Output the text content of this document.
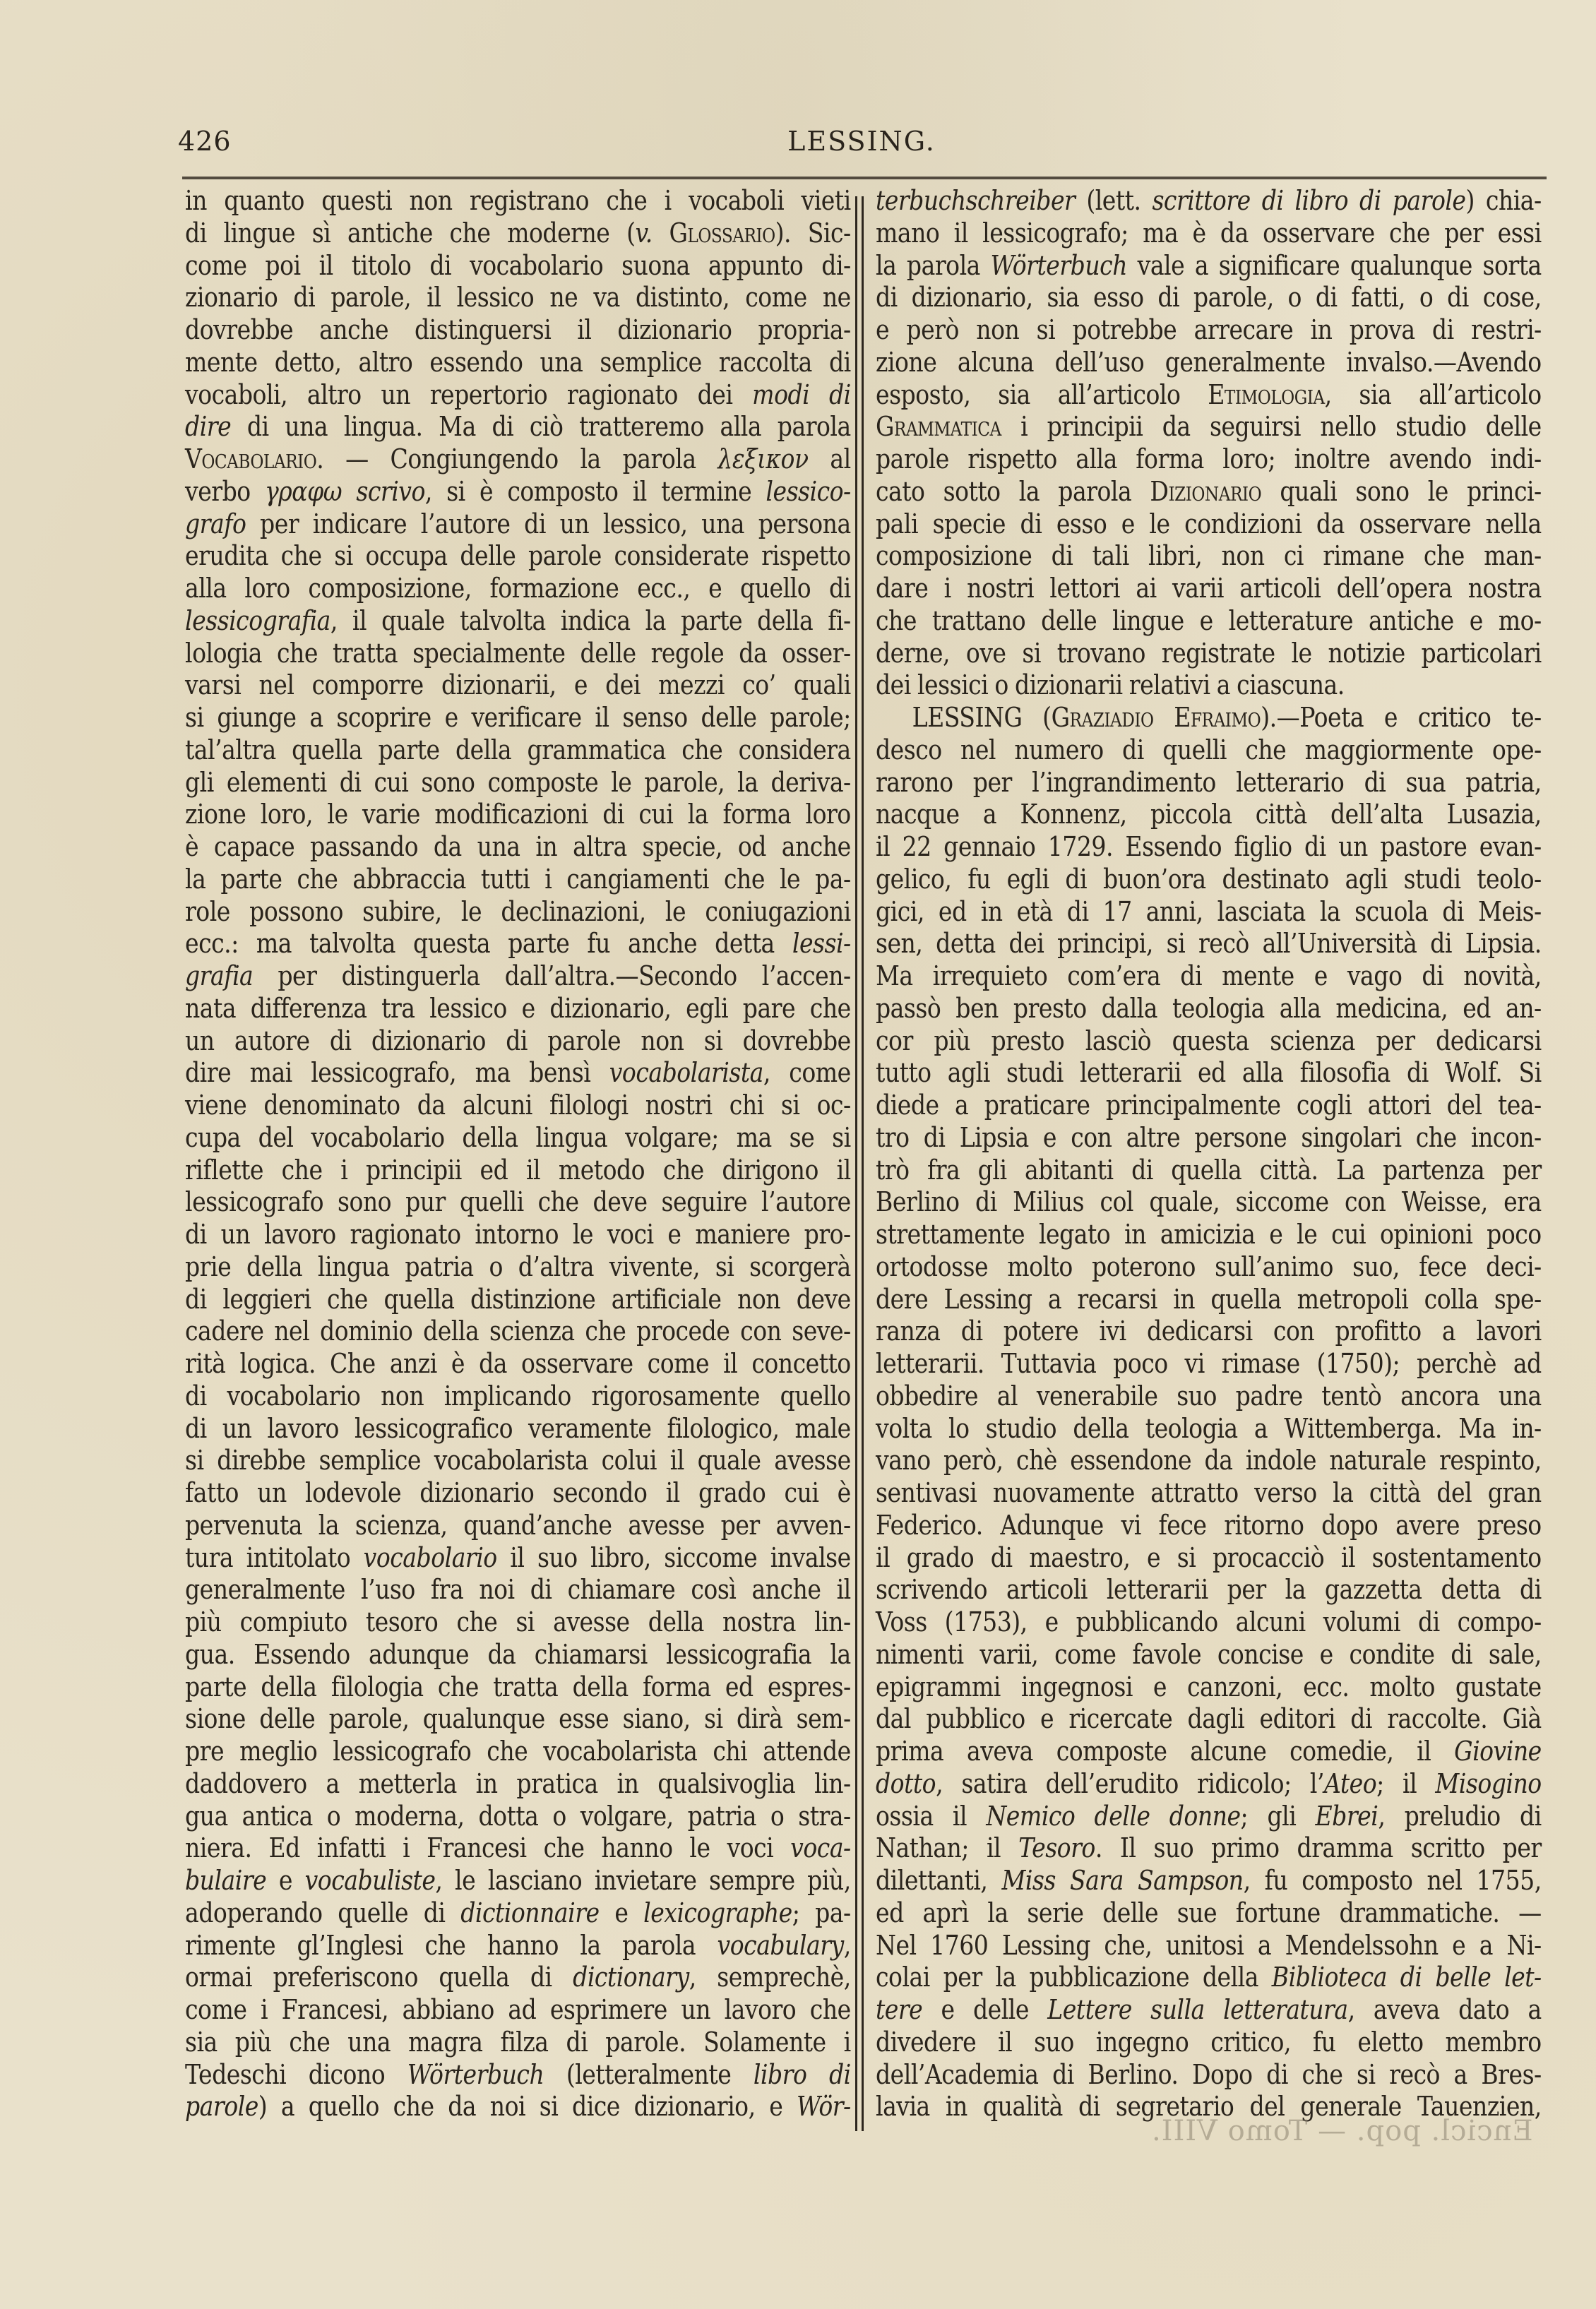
426	LESSING.
in quanto questi non registrano che i vocaboli vieti
di lingue sì antiche che moderne (v. Glossario). Sic-
come poi il titolo di vocabolario suona appunto di-
zionario di parole, il lessico ne va distinto, come ne
dovrebbe anche distinguersi il dizionario propria-
mente detto, altro essendo una semplice raccolta di
vocaboli, altro un repertorio ragionato dei modi di
dire di una lingua. Ma di ciò tratteremo alla parola
Vocabolario. — Congiungendo la parola λεξικον al
verbo γραφω scrivo, si è composto il termine lessico-
grafo per indicare l’autore di un lessico, una persona
erudita che si occupa delle parole considerate rispetto
alla loro composizione, formazione ecc., e quello di
lessicografia, il quale talvolta indica la parte della fi-
lologia che tratta specialmente delle regole da osser-
varsi nel comporre dizionarii, e dei mezzi co’ quali
si giunge a scoprire e verificare il senso delle parole;
tal’altra quella parte della grammatica che considera
gli elementi di cui sono composte le parole, la deriva-
zione loro, le varie modificazioni di cui la forma loro
è capace passando da una in altra specie, od anche
la parte che abbraccia tutti i cangiamenti che le pa-
role possono subire, le declinazioni, le coniugazioni
ecc.: ma talvolta questa parte fu anche detta lessi-
grafia per distinguerla dall’altra.—Secondo l’accen-
nata differenza tra lessico e dizionario, egli pare che
un autore di dizionario di parole non si dovrebbe
dire mai lessicografo, ma bensì vocabolarista, come
viene denominato da alcuni filologi nostri chi si oc-
cupa del vocabolario della lingua volgare; ma se si
riflette che i principii ed il metodo che dirigono il
lessicografo sono pur quelli che deve seguire l’autore
di un lavoro ragionato intorno le voci e maniere pro-
prie della lingua patria o d’altra vivente, si scorgerà
di leggieri che quella distinzione artificiale non deve
cadere nel dominio della scienza che procede con seve-
rità logica. Che anzi è da osservare come il concetto
di vocabolario non implicando rigorosamente quello
di un lavoro lessicografico veramente filologico, male
si direbbe semplice vocabolarista colui il quale avesse
fatto un lodevole dizionario secondo il grado cui è
pervenuta la scienza, quand’anche avesse per avven-
tura intitolato vocabolario il suo libro, siccome invalse
generalmente l’uso fra noi di chiamare così anche il
più compiuto tesoro che si avesse della nostra lin-
gua. Essendo adunque da chiamarsi lessicografia la
parte della filologia che tratta della forma ed espres-
sione delle parole, qualunque esse siano, si dirà sem-
pre meglio lessicografo che vocabolarista chi attende
daddovero a metterla in pratica in qualsivoglia lin-
gua antica o moderna, dotta o volgare, patria o stra-
niera. Ed infatti i Francesi che hanno le voci voca-
bulaire e vocabuliste, le lasciano invietare sempre più,
adoperando quelle di dictionnaire e lexicographe; pa-
rimente gl’Inglesi che hanno la parola vocabulary,
ormai preferiscono quella di dictionary, semprechè,
come i Francesi, abbiano ad esprimere un lavoro che
sia più che una magra filza di parole. Solamente i
Tedeschi dicono Wörterbuch (letteralmente libro di
parole) a quello che da noi si dice dizionario, e Wör-
terbuchschreiber (lett. scrittore di libro di parole) chia-
mano il lessicografo; ma è da osservare che per essi
la parola Wörterbuch vale a significare qualunque sorta
di dizionario, sia esso di parole, o di fatti, o di cose,
e però non si potrebbe arrecare in prova di restri-
zione alcuna dell’uso generalmente invalso.—Avendo
esposto, sia all’articolo Etimologia, sia all’articolo
Grammatica i principii da seguirsi nello studio delle
parole rispetto alla forma loro; inoltre avendo indi-
cato sotto la parola Dizionario quali sono le princi-
pali specie di esso e le condizioni da osservare nella
composizione di tali libri, non ci rimane che man-
dare i nostri lettori ai varii articoli dell’opera nostra
che trattano delle lingue e letterature antiche e mo-
derne, ove si trovano registrate le notizie particolari
dei lessici o dizionarii relativi a ciascuna.
LESSING (Graziadio Efraimo).—Poeta e critico te-
desco nel numero di quelli che maggiormente ope-
rarono per l’ingrandimento letterario di sua patria,
nacque a Konnenz, piccola città dell’alta Lusazia,
il 22 gennaio 1729. Essendo figlio di un pastore evan-
gelico, fu egli di buon’ora destinato agli studi teolo-
gici, ed in età di 17 anni, lasciata la scuola di Meis-
sen, detta dei principi, si recò all’Università di Lipsia.
Ma irrequieto com’era di mente e vago di novità,
passò ben presto dalla teologia alla medicina, ed an-
cor più presto lasciò questa scienza per dedicarsi
tutto agli studi letterarii ed alla filosofia di Wolf. Si
diede a praticare principalmente cogli attori del tea-
tro di Lipsia e con altre persone singolari che incon-
trò fra gli abitanti di quella città. La partenza per
Berlino di Milius col quale, siccome con Weisse, era
strettamente legato in amicizia e le cui opinioni poco
ortodosse molto poterono sull’animo suo, fece deci-
dere Lessing a recarsi in quella metropoli colla spe-
ranza di potere ivi dedicarsi con profitto a lavori
letterarii. Tuttavia poco vi rimase (1750); perchè ad
obbedire al venerabile suo padre tentò ancora una
volta lo studio della teologia a Wittemberga. Ma in-
vano però, chè essendone da indole naturale respinto,
sentivasi nuovamente attratto verso la città del gran
Federico. Adunque vi fece ritorno dopo avere preso
il grado di maestro, e si procacciò il sostentamento
scrivendo articoli letterarii per la gazzetta detta di
Voss (1753), e pubblicando alcuni volumi di compo-
nimenti varii, come favole concise e condite di sale,
epigrammi ingegnosi e canzoni, ecc. molto gustate
dal pubblico e ricercate dagli editori di raccolte. Già
prima aveva composte alcune comedie, il Giovine
dotto, satira dell’erudito ridicolo; l’Ateo; il Misogino
ossia il Nemico delle donne; gli Ebrei, preludio di
Nathan; il Tesoro. Il suo primo dramma scritto per
dilettanti, Miss Sara Sampson, fu composto nel 1755,
ed aprì la serie delle sue fortune drammatiche. —
Nel 1760 Lessing che, unitosi a Mendelssohn e a Ni-
colai per la pubblicazione della Biblioteca di belle let-
tere e delle Lettere sulla letteratura, aveva dato a
divedere il suo ingegno critico, fu eletto membro
dell’Academia di Berlino. Dopo di che si recò a Bres-
lavia in qualità di segretario del generale Tauenzien,
Encicl. pop. — Tomo VIII.
